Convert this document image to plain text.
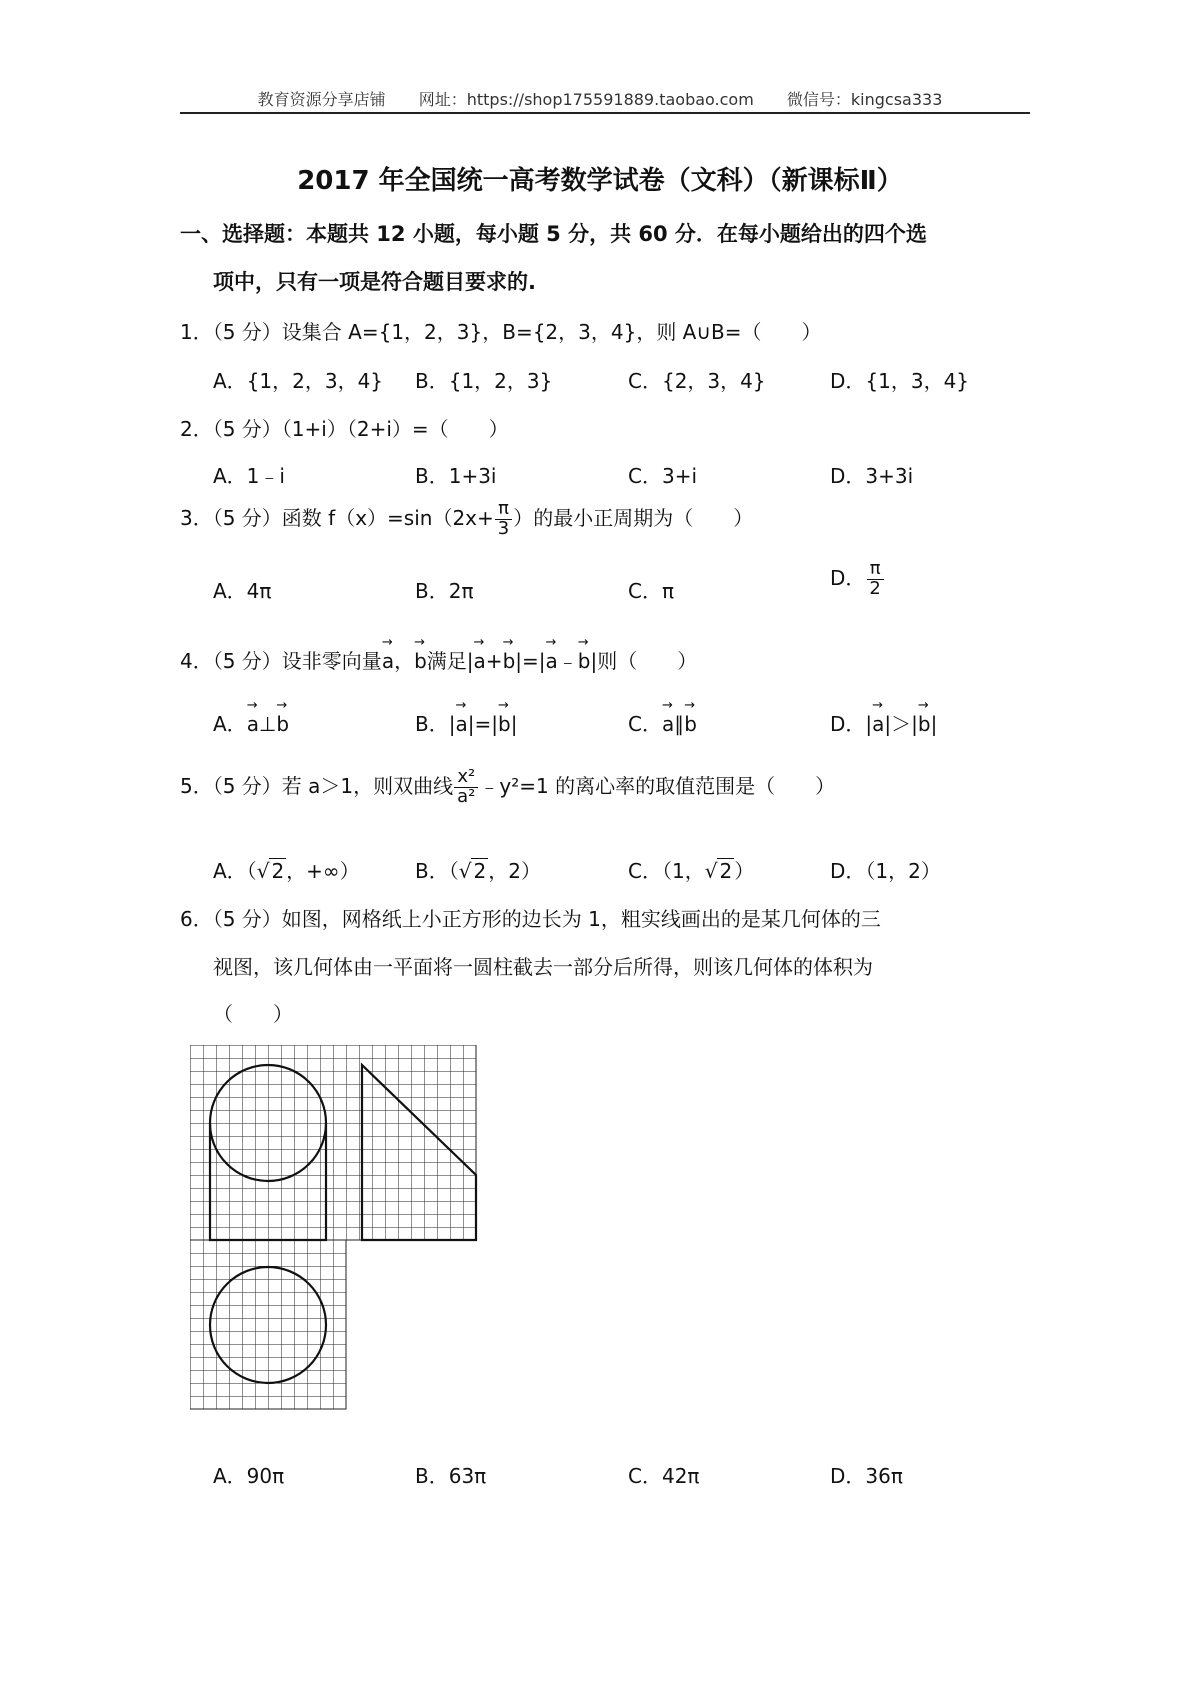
教育资源分享店铺 网址：https://shop175591889.taobao.com 微信号：kingcsa333
2017 年全国统一高考数学试卷（文科）（新课标Ⅱ）
一、选择题：本题共 12 小题，每小题 5 分，共 60 分．在每小题给出的四个选
项中，只有一项是符合题目要求的.
1．（5 分）设集合 A={1，2，3}，B={2，3，4}，则 A∪B=（　　）
A．{1，2，3，4} B．{1，2，3}	C．{2，3，4}	D．{1，3，4}
2．（5 分）（1+i）（2+i）=（　　）
A．1﹣i	B．1+3i	C．3+i	D．3+3i
3．（5 分）函数 $f(x)=\sin(2x+ \frac{\pi}{3}$ ）的最小正周期为（　　）
A．4π	B．2π	C．π
D． $\frac{\pi}{2}$
4．（5 分）设非零向量→ a，→ b满足|→ a+→ b|=|→ a﹣→ b|则（　　）
A．→ a⊥→ b	B．|→ a|=|→ b|	C．→ a∥→ b	D．|→ a|＞|→ b|
5．（5 分）若 a＞1，则双曲线 $\frac{\text{x²}}{\text{a²}}$ ﹣y²=1 的离心率的取值范围是（　　）
A．（√ 2 ，+∞）	B．（√ 2 ，2）	C．（1，√ 2 ）	D．（1，2）
6．（5 分）如图，网格纸上小正方形的边长为 1，粗实线画出的是某几何体的三
视图，该几何体由一平面将一圆柱截去一部分后所得，则该几何体的体积为
（　　）
A．90π	B．63π	C．42π	D．36π
